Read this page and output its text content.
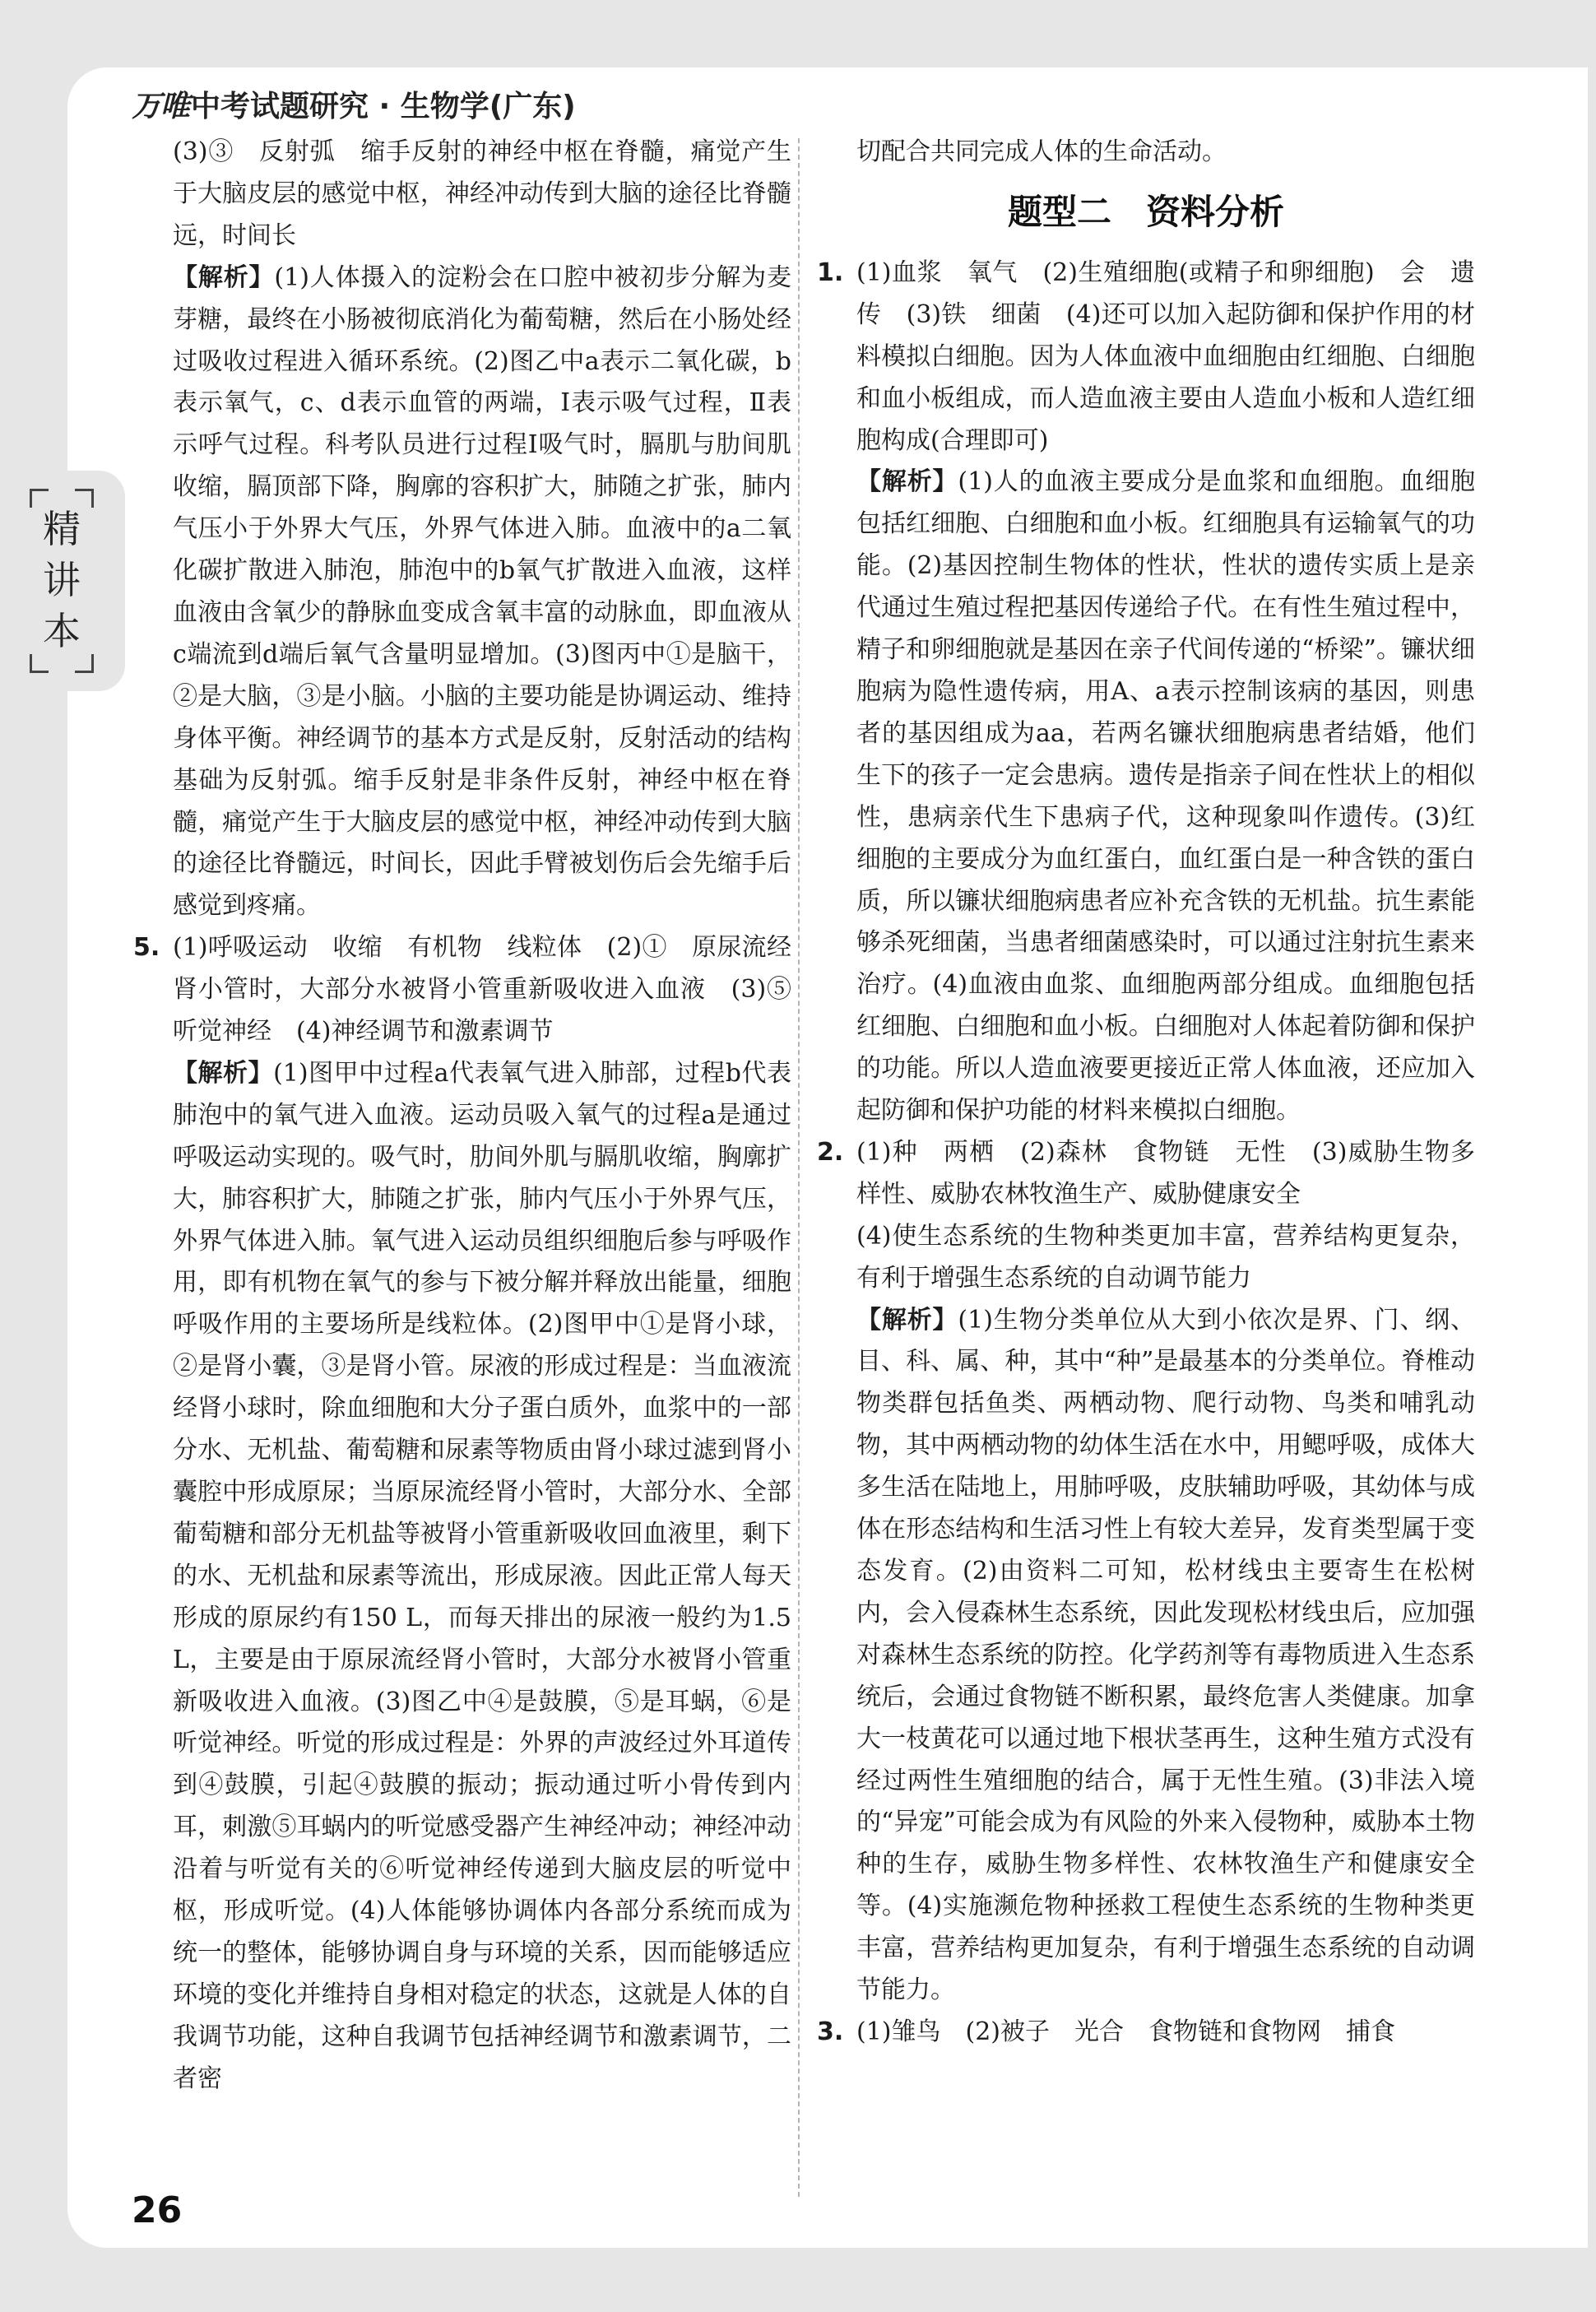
精
讲
本
万唯中考试题研究 · 生物学(广东)

(3)③　反射弧　缩手反射的神经中枢在脊髓，痛觉产生于大脑皮层的感觉中枢，神经冲动传到大脑的途径比脊髓远，时间长

【解析】(1)人体摄入的淀粉会在口腔中被初步分解为麦芽糖，最终在小肠被彻底消化为葡萄糖，然后在小肠处经过吸收过程进入循环系统。(2)图乙中a表示二氧化碳，b表示氧气，c、d表示血管的两端，Ⅰ表示吸气过程，Ⅱ表示呼气过程。科考队员进行过程Ⅰ吸气时，膈肌与肋间肌收缩，膈顶部下降，胸廓的容积扩大，肺随之扩张，肺内气压小于外界大气压，外界气体进入肺。血液中的a二氧化碳扩散进入肺泡，肺泡中的b氧气扩散进入血液，这样血液由含氧少的静脉血变成含氧丰富的动脉血，即血液从c端流到d端后氧气含量明显增加。(3)图丙中①是脑干，②是大脑，③是小脑。小脑的主要功能是协调运动、维持身体平衡。神经调节的基本方式是反射，反射活动的结构基础为反射弧。缩手反射是非条件反射，神经中枢在脊髓，痛觉产生于大脑皮层的感觉中枢，神经冲动传到大脑的途径比脊髓远，时间长，因此手臂被划伤后会先缩手后感觉到疼痛。

5. (1)呼吸运动　收缩　有机物　线粒体　(2)①　原尿流经肾小管时，大部分水被肾小管重新吸收进入血液　(3)⑤　听觉神经　(4)神经调节和激素调节

【解析】(1)图甲中过程a代表氧气进入肺部，过程b代表肺泡中的氧气进入血液。运动员吸入氧气的过程a是通过呼吸运动实现的。吸气时，肋间外肌与膈肌收缩，胸廓扩大，肺容积扩大，肺随之扩张，肺内气压小于外界气压，外界气体进入肺。氧气进入运动员组织细胞后参与呼吸作用，即有机物在氧气的参与下被分解并释放出能量，细胞呼吸作用的主要场所是线粒体。(2)图甲中①是肾小球，②是肾小囊，③是肾小管。尿液的形成过程是：当血液流经肾小球时，除血细胞和大分子蛋白质外，血浆中的一部分水、无机盐、葡萄糖和尿素等物质由肾小球过滤到肾小囊腔中形成原尿；当原尿流经肾小管时，大部分水、全部葡萄糖和部分无机盐等被肾小管重新吸收回血液里，剩下的水、无机盐和尿素等流出，形成尿液。因此正常人每天形成的原尿约有150 L，而每天排出的尿液一般约为1.5 L，主要是由于原尿流经肾小管时，大部分水被肾小管重新吸收进入血液。(3)图乙中④是鼓膜，⑤是耳蜗，⑥是听觉神经。听觉的形成过程是：外界的声波经过外耳道传到④鼓膜，引起④鼓膜的振动；振动通过听小骨传到内耳，刺激⑤耳蜗内的听觉感受器产生神经冲动；神经冲动沿着与听觉有关的⑥听觉神经传递到大脑皮层的听觉中枢，形成听觉。(4)人体能够协调体内各部分系统而成为统一的整体，能够协调自身与环境的关系，因而能够适应环境的变化并维持自身相对稳定的状态，这就是人体的自我调节功能，这种自我调节包括神经调节和激素调节，二者密

切配合共同完成人体的生命活动。

题型二　资料分析

1. (1)血浆　氧气　(2)生殖细胞(或精子和卵细胞)　会　遗传　(3)铁　细菌　(4)还可以加入起防御和保护作用的材料模拟白细胞。因为人体血液中血细胞由红细胞、白细胞和血小板组成，而人造血液主要由人造血小板和人造红细胞构成(合理即可)

【解析】(1)人的血液主要成分是血浆和血细胞。血细胞包括红细胞、白细胞和血小板。红细胞具有运输氧气的功能。(2)基因控制生物体的性状，性状的遗传实质上是亲代通过生殖过程把基因传递给子代。在有性生殖过程中，精子和卵细胞就是基因在亲子代间传递的“桥梁”。镰状细胞病为隐性遗传病，用A、a表示控制该病的基因，则患者的基因组成为aa，若两名镰状细胞病患者结婚，他们生下的孩子一定会患病。遗传是指亲子间在性状上的相似性，患病亲代生下患病子代，这种现象叫作遗传。(3)红细胞的主要成分为血红蛋白，血红蛋白是一种含铁的蛋白质，所以镰状细胞病患者应补充含铁的无机盐。抗生素能够杀死细菌，当患者细菌感染时，可以通过注射抗生素来治疗。(4)血液由血浆、血细胞两部分组成。血细胞包括红细胞、白细胞和血小板。白细胞对人体起着防御和保护的功能。所以人造血液要更接近正常人体血液，还应加入起防御和保护功能的材料来模拟白细胞。

2. (1)种　两栖　(2)森林　食物链　无性　(3)威胁生物多样性、威胁农林牧渔生产、威胁健康安全

(4)使生态系统的生物种类更加丰富，营养结构更复杂，有利于增强生态系统的自动调节能力

【解析】(1)生物分类单位从大到小依次是界、门、纲、目、科、属、种，其中“种”是最基本的分类单位。脊椎动物类群包括鱼类、两栖动物、爬行动物、鸟类和哺乳动物，其中两栖动物的幼体生活在水中，用鳃呼吸，成体大多生活在陆地上，用肺呼吸，皮肤辅助呼吸，其幼体与成体在形态结构和生活习性上有较大差异，发育类型属于变态发育。(2)由资料二可知，松材线虫主要寄生在松树内，会入侵森林生态系统，因此发现松材线虫后，应加强对森林生态系统的防控。化学药剂等有毒物质进入生态系统后，会通过食物链不断积累，最终危害人类健康。加拿大一枝黄花可以通过地下根状茎再生，这种生殖方式没有经过两性生殖细胞的结合，属于无性生殖。(3)非法入境的“异宠”可能会成为有风险的外来入侵物种，威胁本土物种的生存，威胁生物多样性、农林牧渔生产和健康安全等。(4)实施濒危物种拯救工程使生态系统的生物种类更丰富，营养结构更加复杂，有利于增强生态系统的自动调节能力。

3. (1)雏鸟　(2)被子　光合　食物链和食物网　捕食

26
